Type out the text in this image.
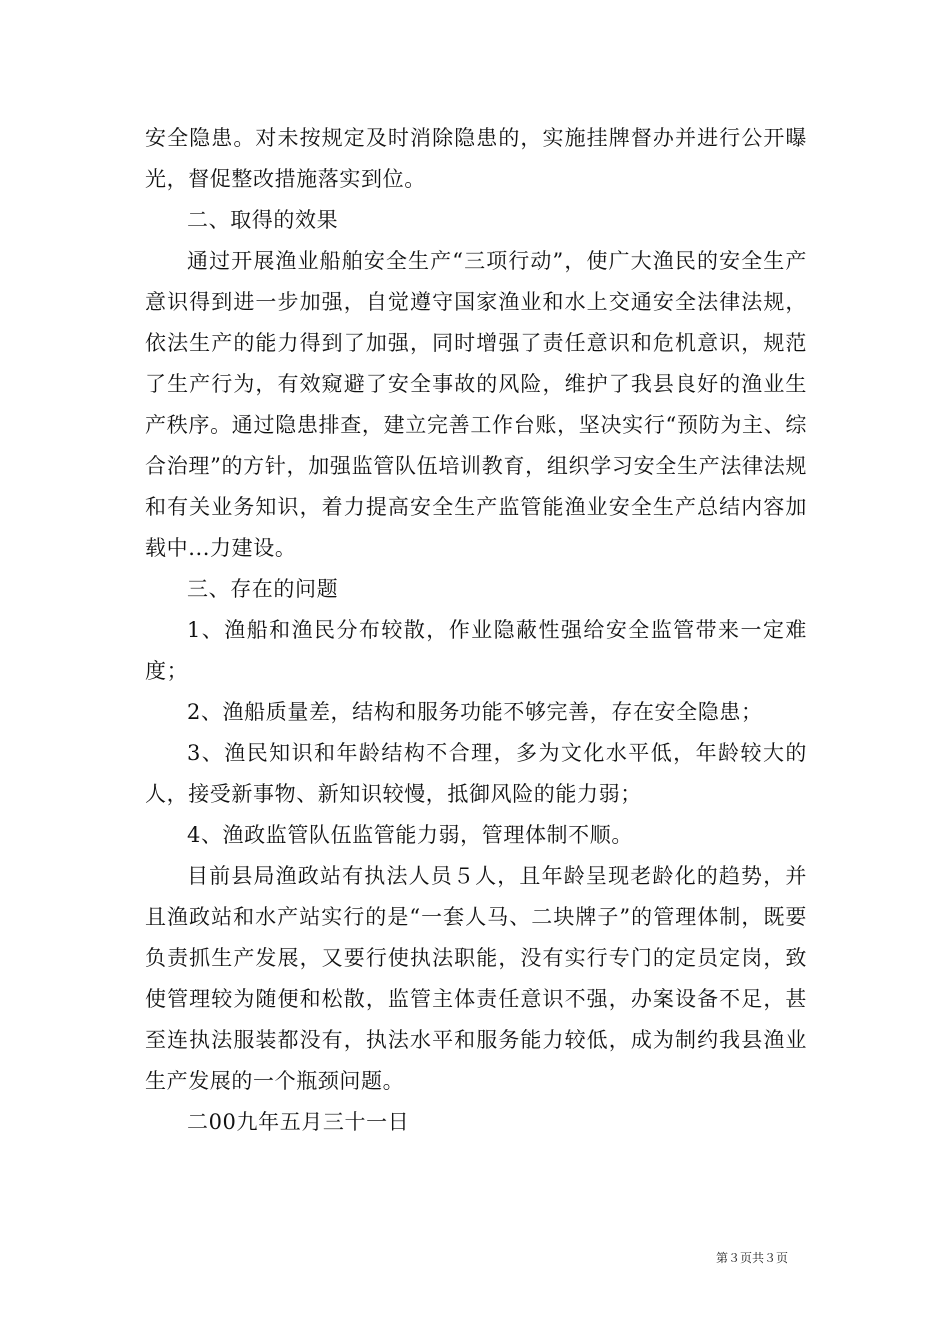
安全隐患。对未按规定及时消除隐患的，实施挂牌督办并进行公开曝光，督促整改措施落实到位。

二、取得的效果

通过开展渔业船舶安全生产“三项行动”，使广大渔民的安全生产意识得到进一步加强，自觉遵守国家渔业和水上交通安全法律法规，依法生产的能力得到了加强，同时增强了责任意识和危机意识，规范了生产行为，有效窥避了安全事故的风险，维护了我县良好的渔业生产秩序。通过隐患排查，建立完善工作台账，坚决实行“预防为主、综合治理”的方针，加强监管队伍培训教育，组织学习安全生产法律法规和有关业务知识，着力提高安全生产监管能渔业安全生产总结内容加载中...力建设。

三、存在的问题

1、渔船和渔民分布较散，作业隐蔽性强给安全监管带来一定难度；

2、渔船质量差，结构和服务功能不够完善，存在安全隐患；

3、渔民知识和年龄结构不合理，多为文化水平低，年龄较大的人，接受新事物、新知识较慢，抵御风险的能力弱；

4、渔政监管队伍监管能力弱，管理体制不顺。

目前县局渔政站有执法人员５人，且年龄呈现老龄化的趋势，并且渔政站和水产站实行的是“一套人马、二块牌子”的管理体制，既要负责抓生产发展，又要行使执法职能，没有实行专门的定员定岗，致使管理较为随便和松散，监管主体责任意识不强，办案设备不足，甚至连执法服装都没有，执法水平和服务能力较低，成为制约我县渔业生产发展的一个瓶颈问题。

二00九年五月三十一日

第３页共３页
